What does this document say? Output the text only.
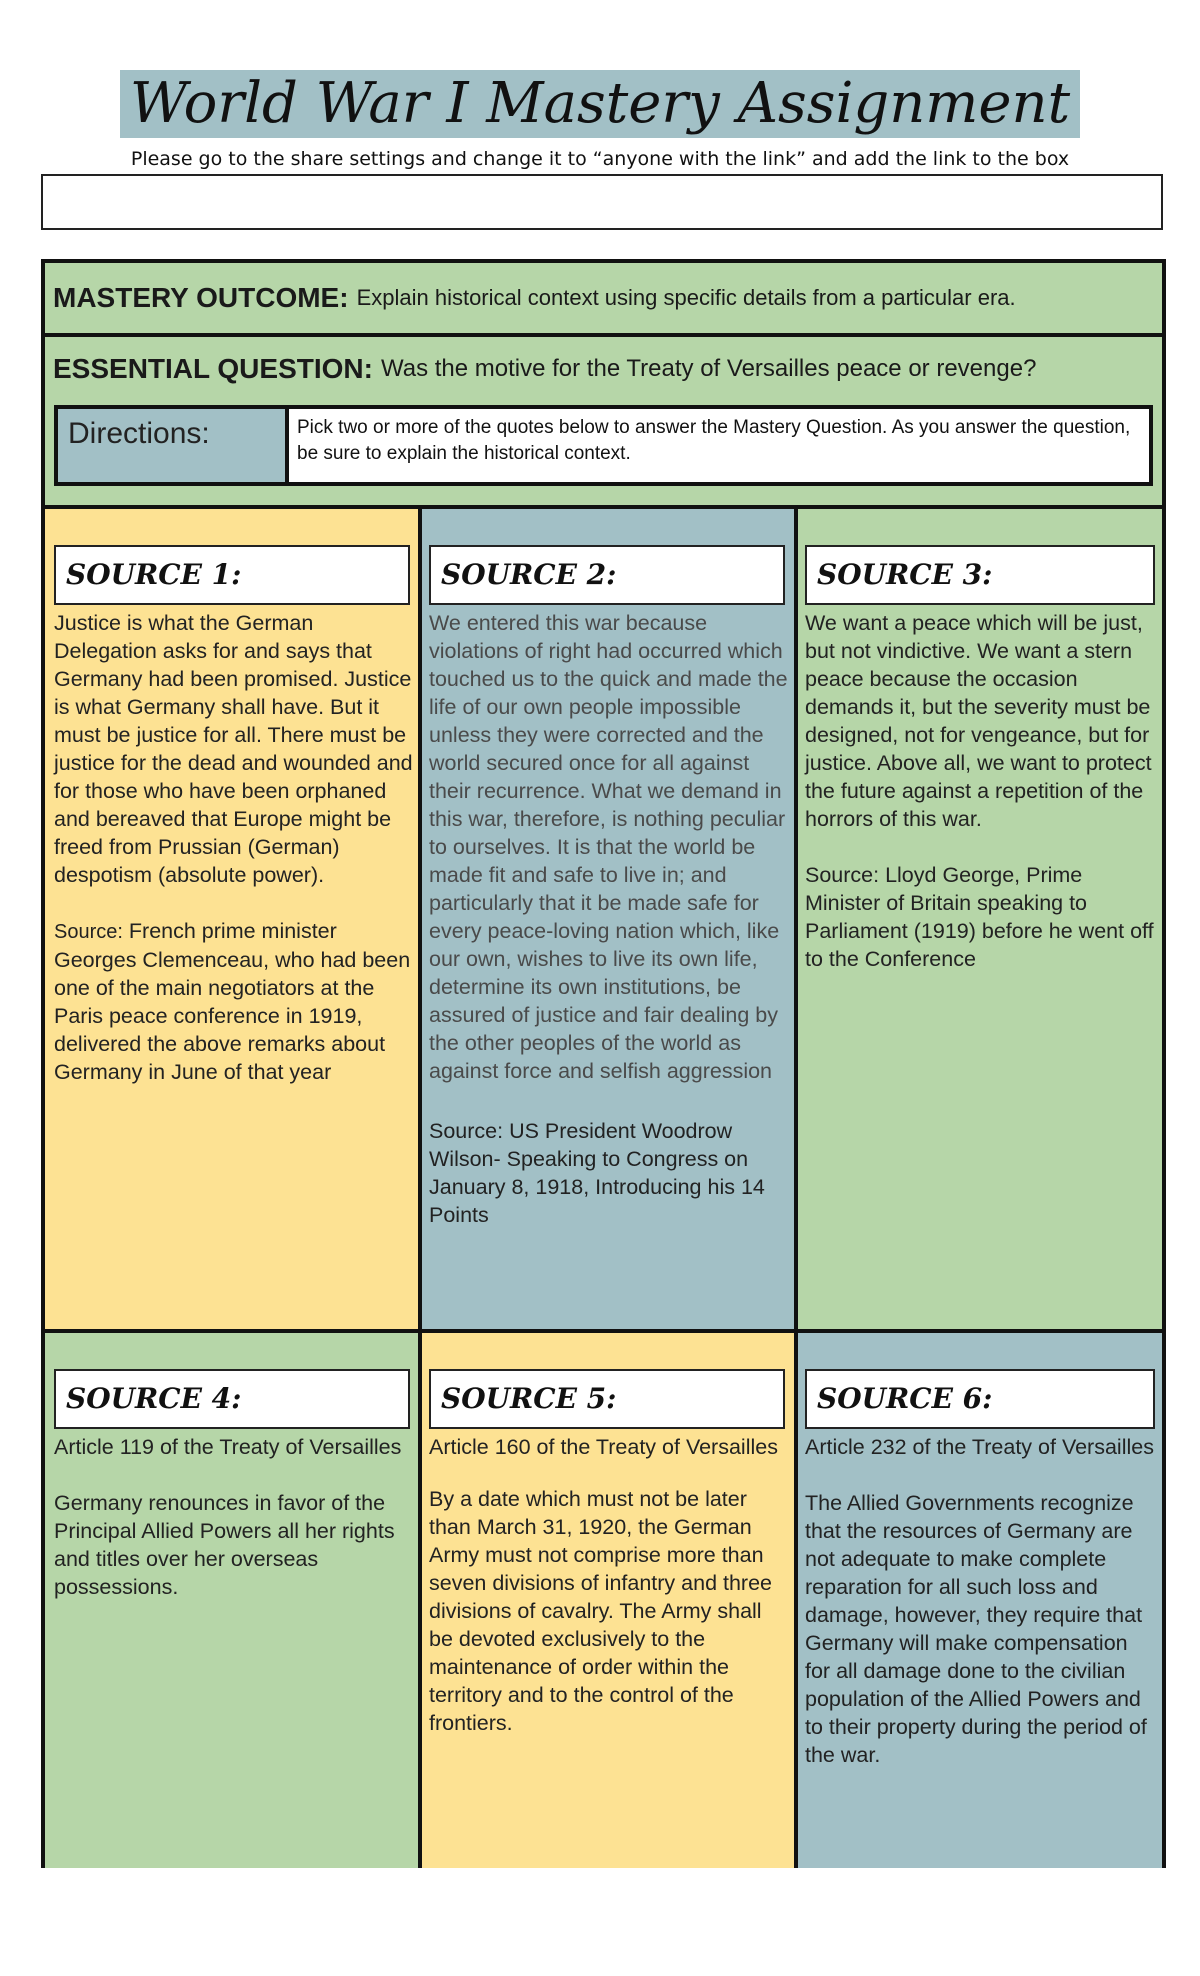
World War I Mastery Assignment
Please go to the share settings and change it to “anyone with the link” and add the link to the box
MASTERY OUTCOME: Explain historical context using specific details from a particular era.
ESSENTIAL QUESTION: Was the motive for the Treaty of Versailles peace or revenge?
Directions:	Pick two or more of the quotes below to answer the Mastery Question. As you answer the question, be sure to explain the historical context.
SOURCE 1:

Justice is what the German Delegation asks for and says that Germany had been promised. Justice is what Germany shall have. But it must be justice for all. There must be justice for the dead and wounded and for those who have been orphaned and bereaved that Europe might be freed from Prussian (German) despotism (absolute power).

Source: French prime minister Georges Clemenceau, who had been one of the main negotiators at the Paris peace conference in 1919, delivered the above remarks about Germany in June of that year

SOURCE 2:

We entered this war because violations of right had occurred which touched us to the quick and made the life of our own people impossible unless they were corrected and the world secured once for all against their recurrence. What we demand in this war, therefore, is nothing peculiar to ourselves. It is that the world be made fit and safe to live in; and particularly that it be made safe for every peace-loving nation which, like our own, wishes to live its own life, determine its own institutions, be assured of justice and fair dealing by the other peoples of the world as against force and selfish aggression

Source: US President Woodrow Wilson- Speaking to Congress on January 8, 1918, Introducing his 14 Points

SOURCE 3:

We want a peace which will be just, but not vindictive. We want a stern peace because the occasion demands it, but the severity must be designed, not for vengeance, but for justice. Above all, we want to protect the future against a repetition of the horrors of this war.

Source: Lloyd George, Prime Minister of Britain speaking to Parliament (1919) before he went off to the Conference

SOURCE 4:

Article 119 of the Treaty of Versailles

Germany renounces in favor of the Principal Allied Powers all her rights and titles over her overseas possessions.

SOURCE 5:

Article 160 of the Treaty of Versailles

By a date which must not be later than March 31, 1920, the German Army must not comprise more than seven divisions of infantry and three divisions of cavalry. The Army shall be devoted exclusively to the maintenance of order within the territory and to the control of the frontiers.

SOURCE 6:

Article 232 of the Treaty of Versailles

The Allied Governments recognize that the resources of Germany are not adequate to make complete reparation for all such loss and damage, however, they require that Germany will make compensation for all damage done to the civilian population of the Allied Powers and to their property during the period of the war.
